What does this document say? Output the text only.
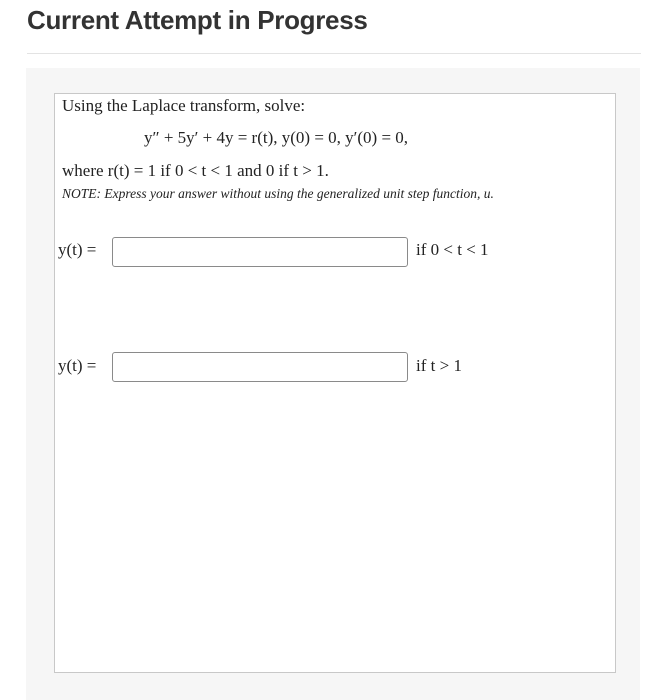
Current Attempt in Progress
Using the Laplace transform, solve:
y″ + 5y′ + 4y = r(t), y(0) = 0, y′(0) = 0,
where r(t) = 1 if 0 < t < 1 and 0 if t > 1.
NOTE: Express your answer without using the generalized unit step function, u.
y(t) =	if 0 < t < 1
y(t) =	if t > 1
